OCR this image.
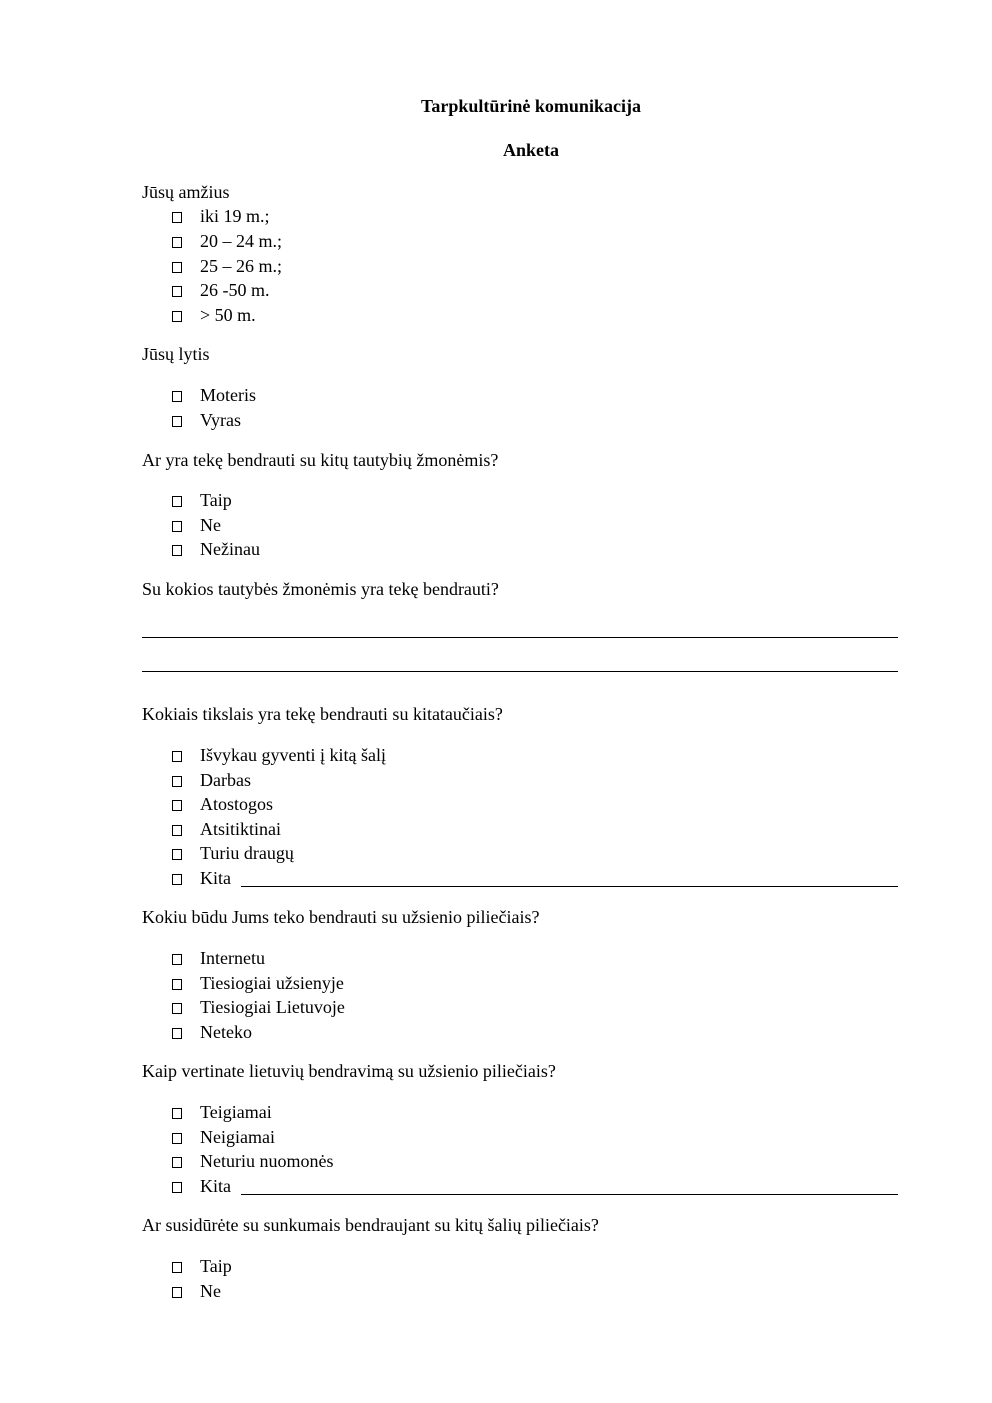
Tarpkultūrinė komunikacija
Anketa
Jūsų amžius
iki 19 m.;
20 – 24 m.;
25 – 26 m.;
26 -50 m.
> 50 m.
Jūsų lytis
Moteris
Vyras
Ar yra tekę bendrauti su kitų tautybių žmonėmis?
Taip
Ne
Nežinau
Su kokios tautybės žmonėmis yra tekę bendrauti?
Kokiais tikslais yra tekę bendrauti su kitataučiais?
Išvykau gyventi į kitą šalį
Darbas
Atostogos
Atsitiktinai
Turiu draugų
Kita
Kokiu būdu Jums teko bendrauti su užsienio piliečiais?
Internetu
Tiesiogiai užsienyje
Tiesiogiai Lietuvoje
Neteko
Kaip vertinate lietuvių bendravimą su užsienio piliečiais?
Teigiamai
Neigiamai
Neturiu nuomonės
Kita
Ar susidūrėte su sunkumais bendraujant su kitų šalių piliečiais?
Taip
Ne
